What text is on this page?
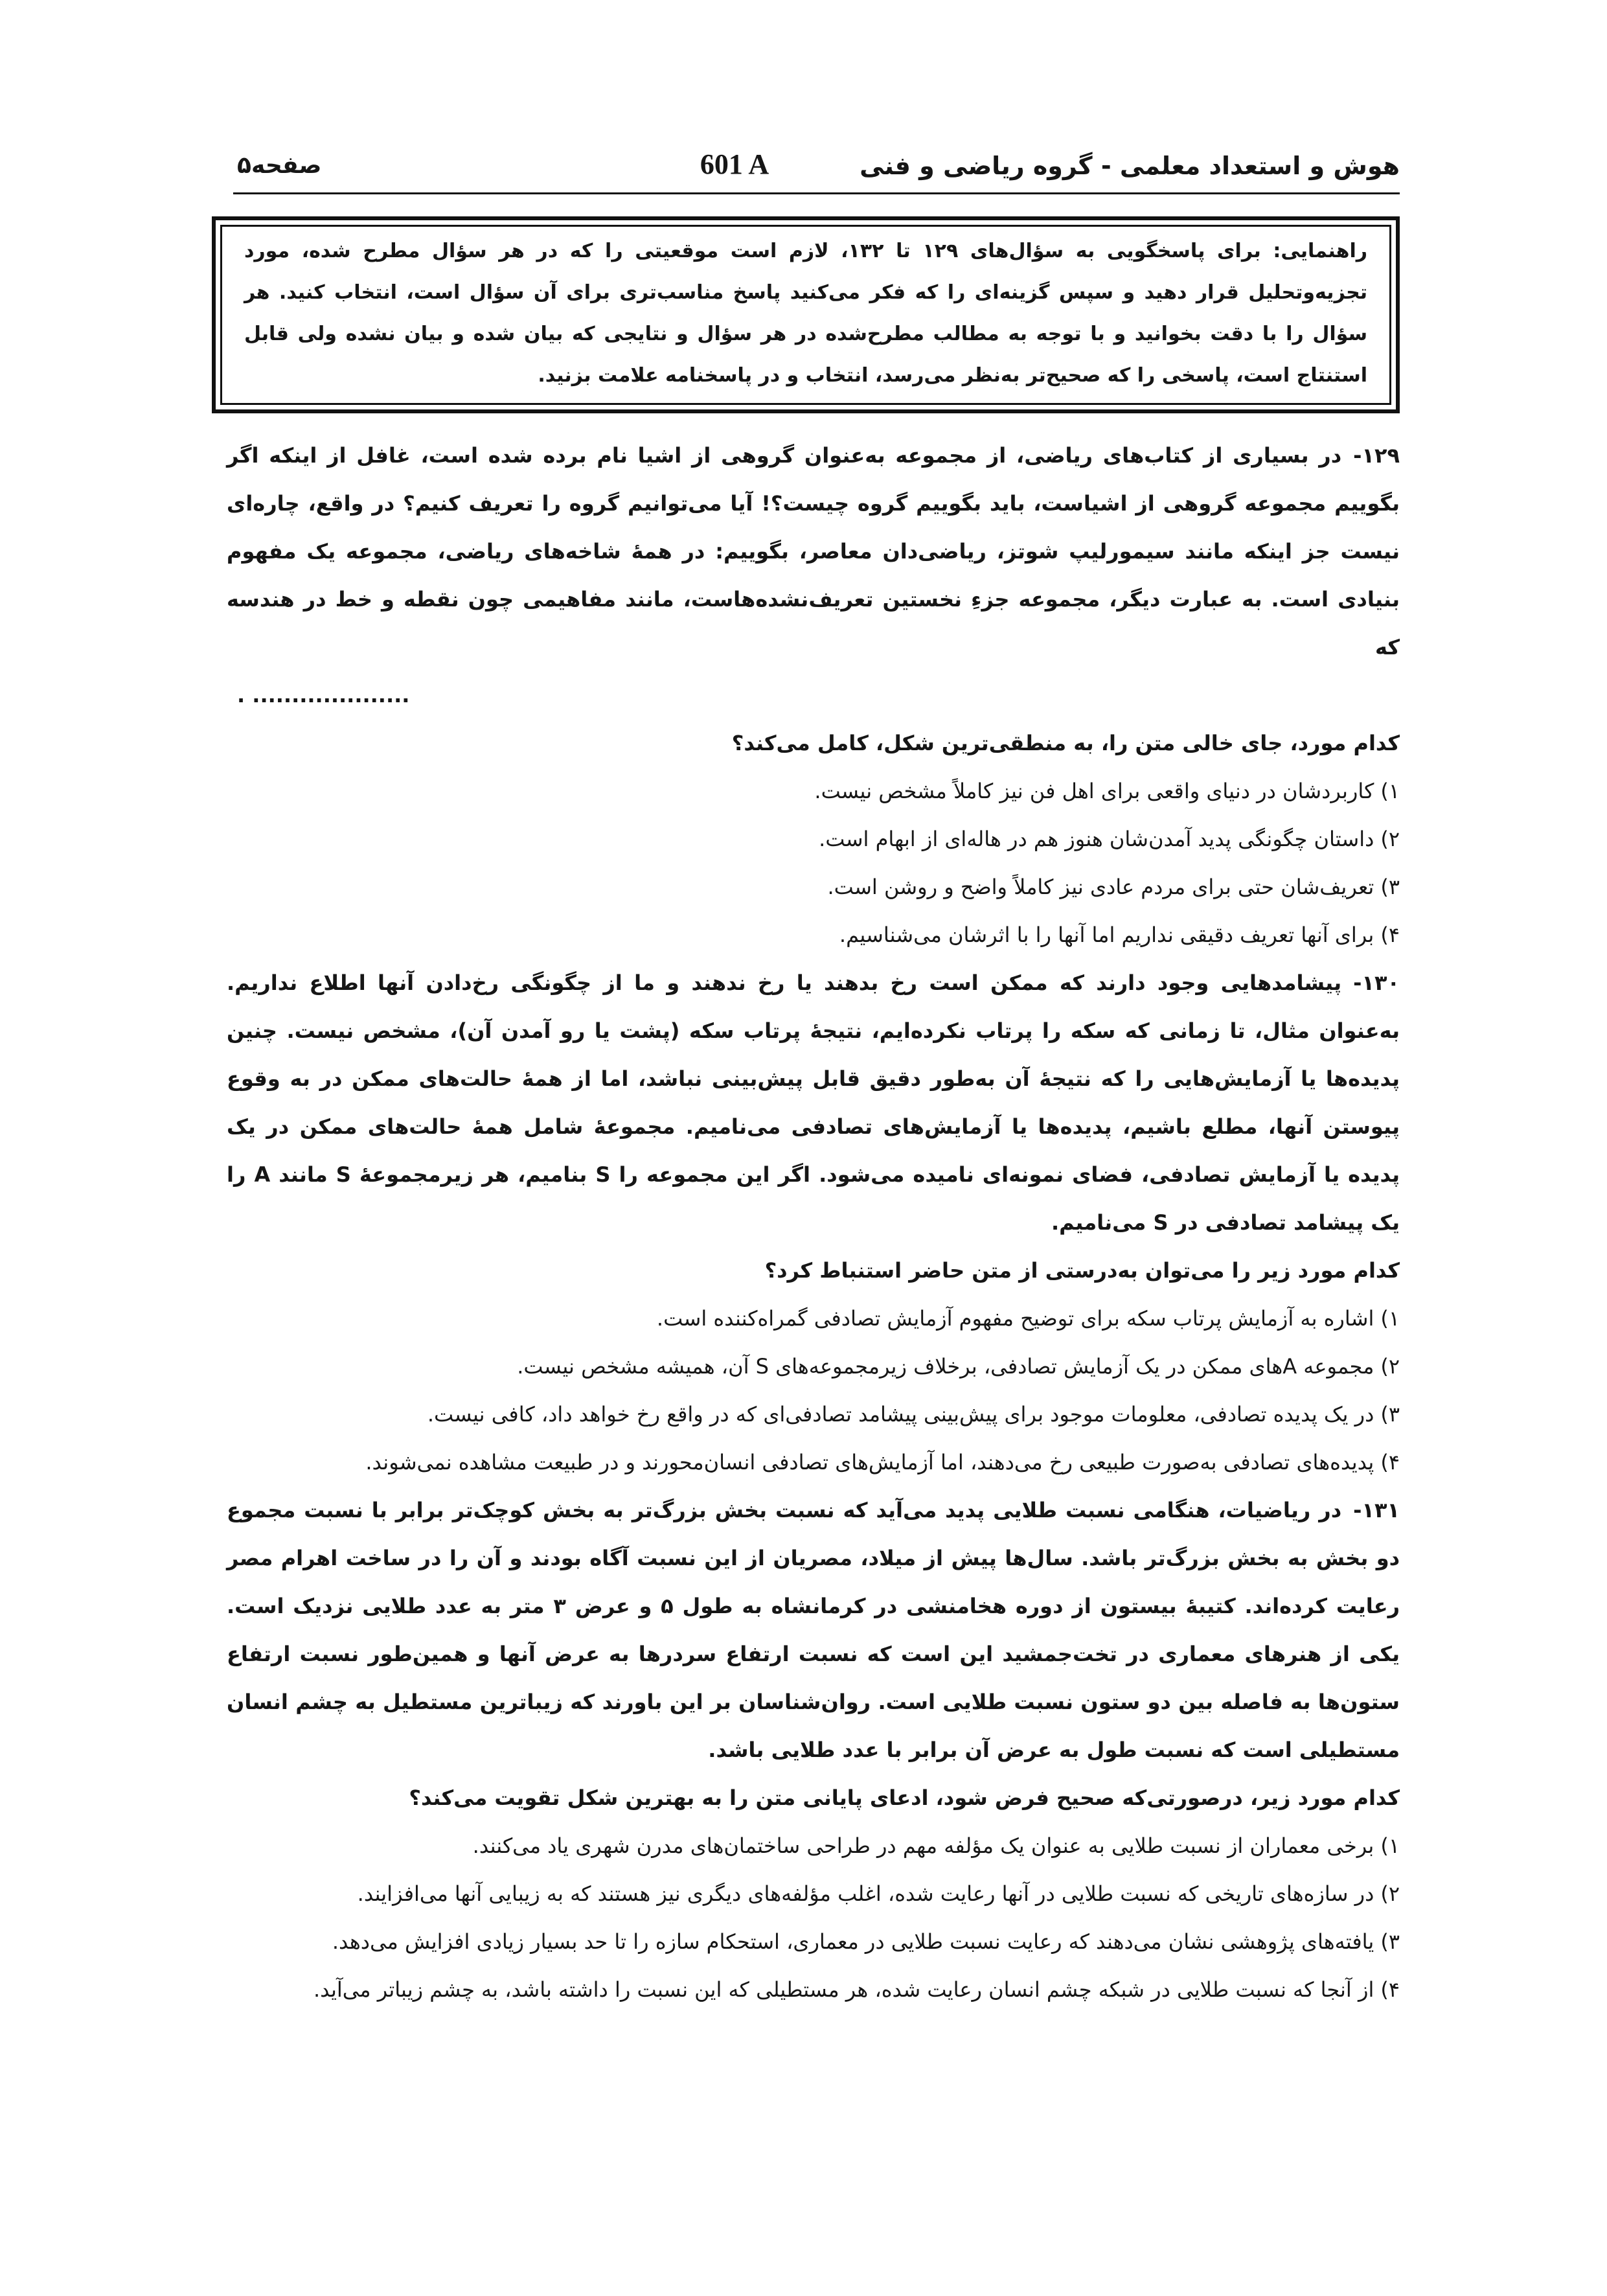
هوش و استعداد معلمی - گروه ریاضی و فنی
601 A
صفحه۵

راهنمایی: برای پاسخگویی به سؤال‌های ۱۲۹ تا ۱۳۲، لازم است موقعیتی را که در هر سؤال مطرح شده، مورد تجزیه‌وتحلیل قرار دهید و سپس گزینه‌ای را که فکر می‌کنید پاسخ مناسب‌تری برای آن سؤال است، انتخاب کنید. هر سؤال را با دقت بخوانید و با توجه به مطالب مطرح‌شده در هر سؤال و نتایجی که بیان شده و بیان نشده ولی قابل استنتاج است، پاسخی را که صحیح‌تر به‌نظر می‌رسد، انتخاب و در پاسخنامه علامت بزنید.

۱۲۹-در بسیاری از کتاب‌های ریاضی، از مجموعه به‌عنوان گروهی از اشیا نام برده شده است، غافل از اینکه اگر بگوییم مجموعه گروهی از اشیاست، باید بگوییم گروه چیست؟! آیا می‌توانیم گروه را تعریف کنیم؟ در واقع، چاره‌ای نیست جز اینکه مانند سیمورلیپ شوتز، ریاضی‌دان معاصر، بگوییم: در همهٔ شاخه‌های ریاضی، مجموعه یک مفهوم بنیادی است. به عبارت دیگر، مجموعه جزءِ نخستین تعریف‌نشده‌هاست، مانند مفاهیمی چون نقطه و خط در هندسه که

. ....................
کدام مورد، جای خالی متن را، به منطقی‌ترین شکل، کامل می‌کند؟
۱)
کاربردشان در دنیای واقعی برای اهل فن نیز کاملاً مشخص نیست.
۲)
داستان چگونگی پدید آمدن‌شان هنوز هم در هاله‌ای از ابهام است.
۳)
تعریف‌شان حتی برای مردم عادی نیز کاملاً واضح و روشن است.
۴)
برای آنها تعریف دقیقی نداریم اما آنها را با اثرشان می‌شناسیم.

۱۳۰-پیشامدهایی وجود دارند که ممکن است رخ بدهند یا رخ ندهند و ما از چگونگی رخ‌دادن آنها اطلاع نداریم. به‌عنوان مثال، تا زمانی که سکه را پرتاب نکرده‌ایم، نتیجهٔ پرتاب سکه (پشت یا رو آمدن آن)، مشخص نیست. چنین پدیده‌ها یا آزمایش‌هایی را که نتیجهٔ آن به‌طور دقیق قابل پیش‌بینی نباشد، اما از همهٔ حالت‌های ممکن در به وقوع پیوستن آنها، مطلع باشیم، پدیده‌ها یا آزمایش‌های تصادفی می‌نامیم. مجموعهٔ شامل همهٔ حالت‌های ممکن در یک پدیده یا آزمایش تصادفی، فضای نمونه‌ای نامیده می‌شود. اگر این مجموعه را S بنامیم، هر زیرمجموعهٔ S مانند A را یک پیشامد تصادفی در S می‌نامیم.

کدام مورد زیر را می‌توان به‌درستی از متن حاضر استنباط کرد؟
۱)
اشاره به آزمایش پرتاب سکه برای توضیح مفهوم آزمایش تصادفی گمراه‌کننده است.
۲)
مجموعه Aهای ممکن در یک آزمایش تصادفی، برخلاف زیرمجموعه‌های S آن، همیشه مشخص نیست.
۳)
در یک پدیده تصادفی، معلومات موجود برای پیش‌بینی پیشامد تصادفی‌ای که در واقع رخ خواهد داد، کافی نیست.
۴)
پدیده‌های تصادفی به‌صورت طبیعی رخ می‌دهند، اما آزمایش‌های تصادفی انسان‌محورند و در طبیعت مشاهده نمی‌شوند.

۱۳۱-در ریاضیات، هنگامی نسبت طلایی پدید می‌آید که نسبت بخش بزرگ‌تر به بخش کوچک‌تر برابر با نسبت مجموع دو بخش به بخش بزرگ‌تر باشد. سال‌ها پیش از میلاد، مصریان از این نسبت آگاه بودند و آن را در ساخت اهرام مصر رعایت کرده‌اند. کتیبهٔ بیستون از دوره هخامنشی در کرمانشاه به طول ۵ و عرض ۳ متر به عدد طلایی نزدیک است. یکی از هنرهای معماری در تخت‌جمشید این است که نسبت ارتفاع سردرها به عرض آنها و همین‌طور نسبت ارتفاع ستون‌ها به فاصله بین دو ستون نسبت طلایی است. روان‌شناسان بر این باورند که زیباترین مستطیل به چشم انسان مستطیلی است که نسبت طول به عرض آن برابر با عدد طلایی باشد.

کدام مورد زیر، درصورتی‌که صحیح فرض شود، ادعای پایانی متن را به بهترین شکل تقویت می‌کند؟
۱)
برخی معماران از نسبت طلایی به عنوان یک مؤلفه مهم در طراحی ساختمان‌های مدرن شهری یاد می‌کنند.
۲)
در سازه‌های تاریخی که نسبت طلایی در آنها رعایت شده، اغلب مؤلفه‌های دیگری نیز هستند که به زیبایی آنها می‌افزایند.
۳)
یافته‌های پژوهشی نشان می‌دهند که رعایت نسبت طلایی در معماری، استحکام سازه را تا حد بسیار زیادی افزایش می‌دهد.
۴)
از آنجا که نسبت طلایی در شبکه چشم انسان رعایت شده، هر مستطیلی که این نسبت را داشته باشد، به چشم زیباتر می‌آید.
